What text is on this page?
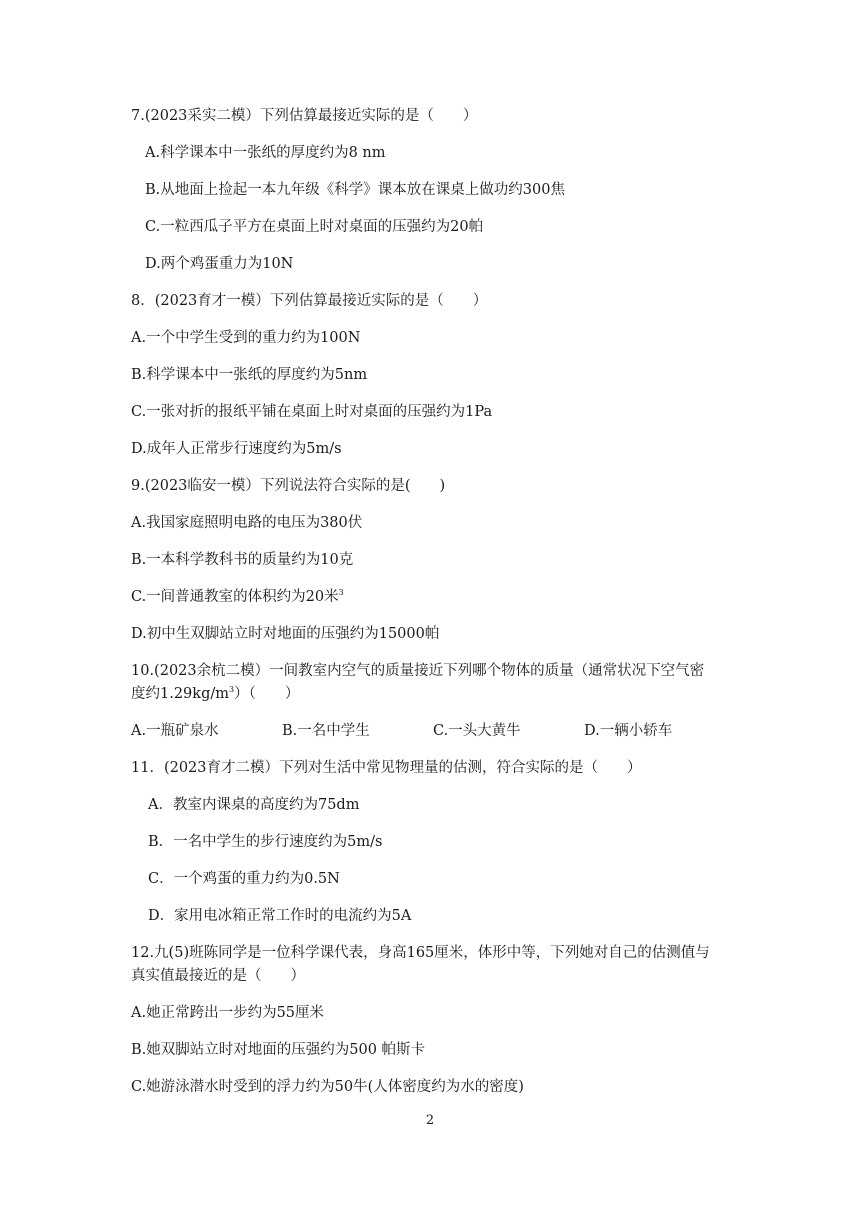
7.(2023采实二模）下列估算最接近实际的是（　　）
A.科学课本中一张纸的厚度约为8 nm
B.从地面上捡起一本九年级《科学》课本放在课桌上做功约300焦
C.一粒西瓜子平方在桌面上时对桌面的压强约为20帕
D.两个鸡蛋重力为10N
8．(2023育才一模）下列估算最接近实际的是（　　）
A.一个中学生受到的重力约为100N
B.科学课本中一张纸的厚度约为5nm
C.一张对折的报纸平铺在桌面上时对桌面的压强约为1Pa
D.成年人正常步行速度约为5m/s
9.(2023临安一模）下列说法符合实际的是(　　)
A.我国家庭照明电路的电压为380伏
B.一本科学教科书的质量约为10克
C.一间普通教室的体积约为20米$^3$
D.初中生双脚站立时对地面的压强约为15000帕
10.(2023余杭二模）一间教室内空气的质量接近下列哪个物体的质量（通常状况下空气密
度约$1.29kg/m^3$）（　　）
A.一瓶矿泉水	B.一名中学生	C.一头大黄牛	D.一辆小轿车
11．(2023育才二模）下列对生活中常见物理量的估测，符合实际的是（　　）
A．教室内课桌的高度约为75dm
B．一名中学生的步行速度约为5m/s
C．一个鸡蛋的重力约为0.5N
D．家用电冰箱正常工作时的电流约为5A
12.九(5)班陈同学是一位科学课代表，身高165厘米，体形中等，下列她对自己的估测值与
真实值最接近的是（　　）
A.她正常跨出一步约为55厘米
B.她双脚站立时对地面的压强约为500 帕斯卡
C.她游泳潜水时受到的浮力约为50牛(人体密度约为水的密度)
2
